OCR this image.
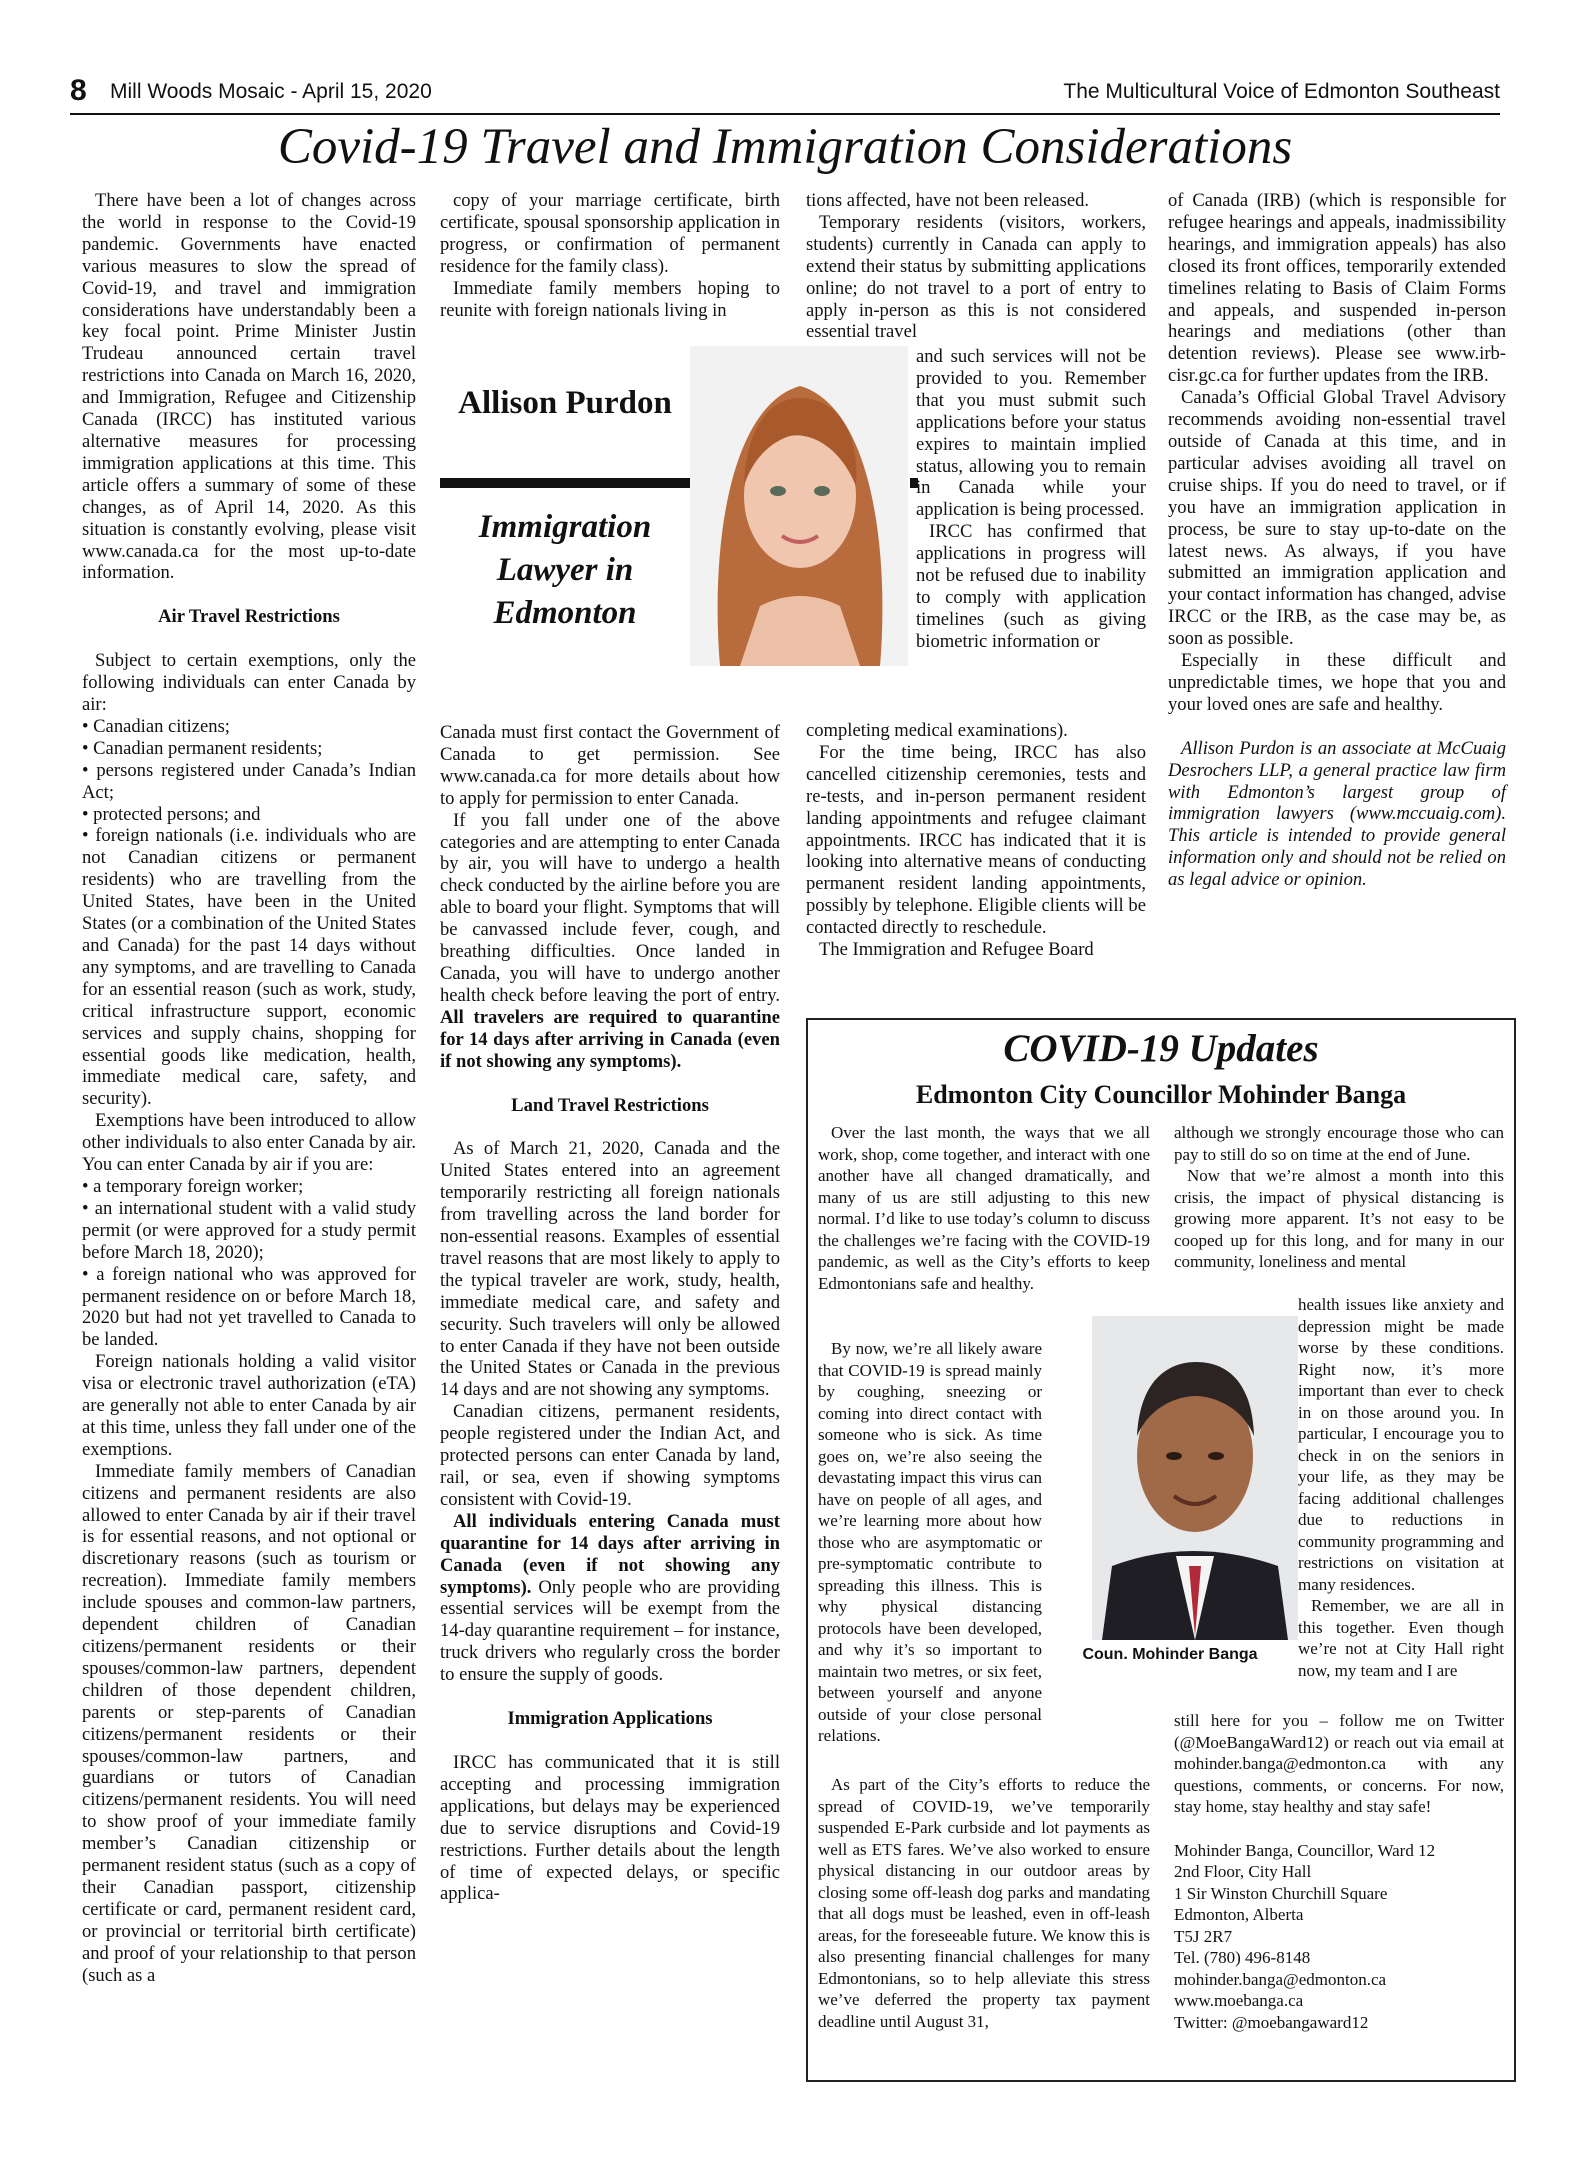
8 Mill Woods Mosaic - April 15, 2020	The Multicultural Voice of Edmonton Southeast
Covid-19 Travel and Immigration Considerations

There have been a lot of changes across the world in response to the Covid-19 pandemic. Governments have enacted various measures to slow the spread of Covid-19, and travel and immigration considerations have understandably been a key focal point. Prime Minister Justin Trudeau announced certain travel restrictions into Canada on March 16, 2020, and Immigration, Refugee and Citizenship Canada (IRCC) has instituted various alternative measures for processing immigration applications at this time. This article offers a summary of some of these changes, as of April 14, 2020. As this situation is constantly evolving, please visit www.canada.ca for the most up-to-date information.

Air Travel Restrictions

Subject to certain exemptions, only the following individuals can enter Canada by air:

• Canadian citizens;

• Canadian permanent residents;

• persons registered under Canada’s Indian Act;

• protected persons; and

• foreign nationals (i.e. individuals who are not Canadian citizens or permanent residents) who are travelling from the United States, have been in the United States (or a combination of the United States and Canada) for the past 14 days without any symptoms, and are travelling to Canada for an essential reason (such as work, study, critical infrastructure support, economic services and supply chains, shopping for essential goods like medication, health, immediate medical care, safety, and security).

Exemptions have been introduced to allow other individuals to also enter Canada by air. You can enter Canada by air if you are:

• a temporary foreign worker;

• an international student with a valid study permit (or were approved for a study permit before March 18, 2020);

• a foreign national who was approved for permanent residence on or before March 18, 2020 but had not yet travelled to Canada to be landed.

Foreign nationals holding a valid visitor visa or electronic travel authorization (eTA) are generally not able to enter Canada by air at this time, unless they fall under one of the exemptions.

Immediate family members of Canadian citizens and permanent residents are also allowed to enter Canada by air if their travel is for essential reasons, and not optional or discretionary reasons (such as tourism or recreation). Immediate family members include spouses and common-law partners, dependent children of Canadian citizens/permanent residents or their spouses/common-law partners, dependent children of those dependent children, parents or step-parents of Canadian citizens/permanent residents or their spouses/common-law partners, and guardians or tutors of Canadian citizens/permanent residents. You will need to show proof of your immediate family member’s Canadian citizenship or permanent resident status (such as a copy of their Canadian passport, citizenship certificate or card, permanent resident card, or provincial or territorial birth certificate) and proof of your relationship to that person (such as a

copy of your marriage certificate, birth certificate, spousal sponsorship application in progress, or confirmation of permanent residence for the family class).

Immediate family members hoping to reunite with foreign nationals living in

Allison Purdon
Immigration Lawyer in Edmonton

Canada must first contact the Government of Canada to get permission. See www.canada.ca for more details about how to apply for permission to enter Canada.

If you fall under one of the above categories and are attempting to enter Canada by air, you will have to undergo a health check conducted by the airline before you are able to board your flight. Symptoms that will be canvassed include fever, cough, and breathing difficulties. Once landed in Canada, you will have to undergo another health check before leaving the port of entry. All travelers are required to quarantine for 14 days after arriving in Canada (even if not showing any symptoms).

Land Travel Restrictions

As of March 21, 2020, Canada and the United States entered into an agreement temporarily restricting all foreign nationals from travelling across the land border for non-essential reasons. Examples of essential travel reasons that are most likely to apply to the typical traveler are work, study, health, immediate medical care, and safety and security. Such travelers will only be allowed to enter Canada if they have not been outside the United States or Canada in the previous 14 days and are not showing any symptoms.

Canadian citizens, permanent residents, people registered under the Indian Act, and protected persons can enter Canada by land, rail, or sea, even if showing symptoms consistent with Covid-19.

All individuals entering Canada must quarantine for 14 days after arriving in Canada (even if not showing any symptoms). Only people who are providing essential services will be exempt from the 14-day quarantine requirement – for instance, truck drivers who regularly cross the border to ensure the supply of goods.

Immigration Applications

IRCC has communicated that it is still accepting and processing immigration applications, but delays may be experienced due to service disruptions and Covid-19 restrictions. Further details about the length of time of expected delays, or specific applica-

tions affected, have not been released.

Temporary residents (visitors, workers, students) currently in Canada can apply to extend their status by submitting applications online; do not travel to a port of entry to apply in-person as this is not considered essential travel

and such services will not be provided to you. Remember that you must submit such applications before your status expires to maintain implied status, allowing you to remain in Canada while your application is being processed.

IRCC has confirmed that applications in progress will not be refused due to inability to comply with application timelines (such as giving biometric information or

completing medical examinations).

For the time being, IRCC has also cancelled citizenship ceremonies, tests and re-tests, and in-person permanent resident landing appointments and refugee claimant appointments. IRCC has indicated that it is looking into alternative means of conducting permanent resident landing appointments, possibly by telephone. Eligible clients will be contacted directly to reschedule.

The Immigration and Refugee Board

of Canada (IRB) (which is responsible for refugee hearings and appeals, inadmissibility hearings, and immigration appeals) has also closed its front offices, temporarily extended timelines relating to Basis of Claim Forms and appeals, and suspended in-person hearings and mediations (other than detention reviews). Please see www.irb-cisr.gc.ca for further updates from the IRB.

Canada’s Official Global Travel Advisory recommends avoiding non-essential travel outside of Canada at this time, and in particular advises avoiding all travel on cruise ships. If you do need to travel, or if you have an immigration application in process, be sure to stay up-to-date on the latest news. As always, if you have submitted an immigration application and your contact information has changed, advise IRCC or the IRB, as the case may be, as soon as possible.

Especially in these difficult and unpredictable times, we hope that you and your loved ones are safe and healthy.

Allison Purdon is an associate at McCuaig Desrochers LLP, a general practice law firm with Edmonton’s largest group of immigration lawyers (www.mccuaig.com). This article is intended to provide general information only and should not be relied on as legal advice or opinion.

COVID-19 Updates
Edmonton City Councillor Mohinder Banga

Over the last month, the ways that we all work, shop, come together, and interact with one another have all changed dramatically, and many of us are still adjusting to this new normal. I’d like to use today’s column to discuss the challenges we’re facing with the COVID-19 pandemic, as well as the City’s efforts to keep Edmontonians safe and healthy.

By now, we’re all likely aware that COVID-19 is spread mainly by coughing, sneezing or coming into direct contact with someone who is sick. As time goes on, we’re also seeing the devastating impact this virus can have on people of all ages, and we’re learning more about how those who are asymptomatic or pre-symptomatic contribute to spreading this illness. This is why physical distancing protocols have been developed, and why it’s so important to maintain two metres, or six feet, between yourself and anyone outside of your close personal relations.

As part of the City’s efforts to reduce the spread of COVID-19, we’ve temporarily suspended E-Park curbside and lot payments as well as ETS fares. We’ve also worked to ensure physical distancing in our outdoor areas by closing some off-leash dog parks and mandating that all dogs must be leashed, even in off-leash areas, for the foreseeable future. We know this is also presenting financial challenges for many Edmontonians, so to help alleviate this stress we’ve deferred the property tax payment deadline until August 31,

Coun. Mohinder Banga

although we strongly encourage those who can pay to still do so on time at the end of June.

Now that we’re almost a month into this crisis, the impact of physical distancing is growing more apparent. It’s not easy to be cooped up for this long, and for many in our community, loneliness and mental

health issues like anxiety and depression might be made worse by these conditions. Right now, it’s more important than ever to check in on those around you. In particular, I encourage you to check in on the seniors in your life, as they may be facing additional challenges due to reductions in community programming and restrictions on visitation at many residences.

Remember, we are all in this together. Even though we’re not at City Hall right now, my team and I are

still here for you – follow me on Twitter (@MoeBangaWard12) or reach out via email at mohinder.banga@edmonton.ca with any questions, comments, or concerns. For now, stay home, stay healthy and stay safe!

Mohinder Banga, Councillor, Ward 12
2nd Floor, City Hall
1 Sir Winston Churchill Square
Edmonton, Alberta
T5J 2R7
Tel. (780) 496-8148
mohinder.banga@edmonton.ca
www.moebanga.ca
Twitter: @moebangaward12
